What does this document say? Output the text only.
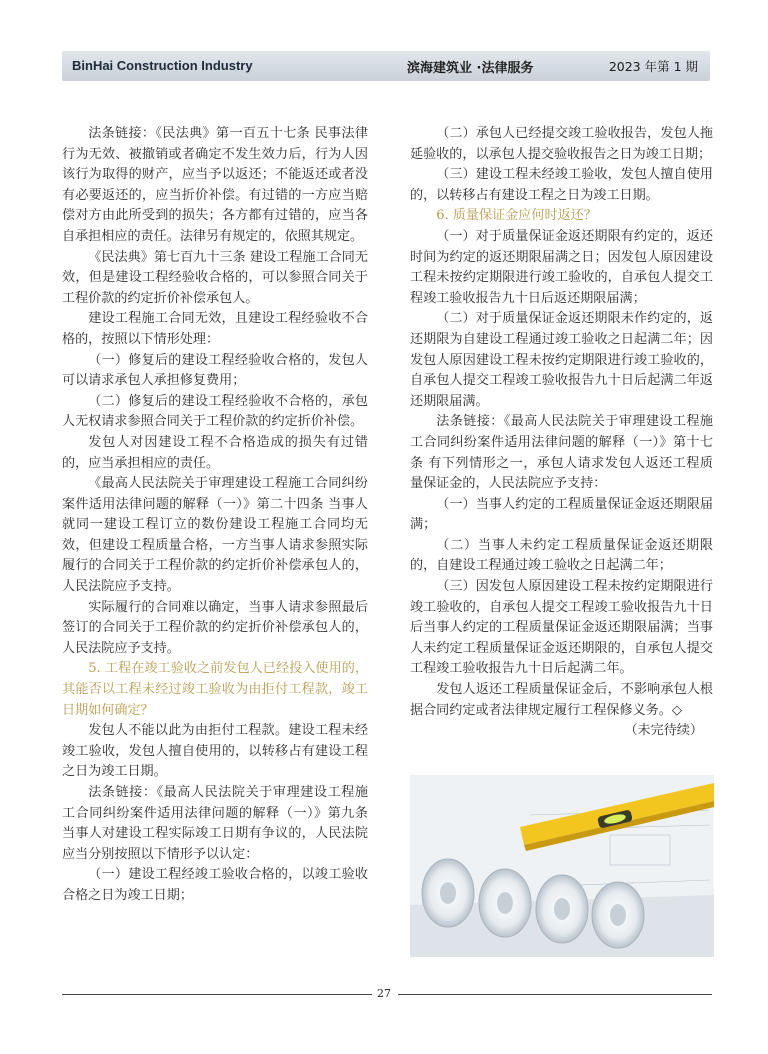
BinHai Construction Industry	滨海建筑业 ·法律服务	2023 年第 1 期

法条链接：《民法典》第一百五十七条 民事法律行为无效、被撤销或者确定不发生效力后，行为人因该行为取得的财产，应当予以返还；不能返还或者没有必要返还的，应当折价补偿。有过错的一方应当赔偿对方由此所受到的损失；各方都有过错的，应当各自承担相应的责任。法律另有规定的，依照其规定。

《民法典》第七百九十三条 建设工程施工合同无效，但是建设工程经验收合格的，可以参照合同关于工程价款的约定折价补偿承包人。

建设工程施工合同无效，且建设工程经验收不合格的，按照以下情形处理：

（一）修复后的建设工程经验收合格的，发包人可以请求承包人承担修复费用；

（二）修复后的建设工程经验收不合格的，承包人无权请求参照合同关于工程价款的约定折价补偿。

发包人对因建设工程不合格造成的损失有过错的，应当承担相应的责任。

《最高人民法院关于审理建设工程施工合同纠纷案件适用法律问题的解释（一）》第二十四条 当事人就同一建设工程订立的数份建设工程施工合同均无效，但建设工程质量合格，一方当事人请求参照实际履行的合同关于工程价款的约定折价补偿承包人的，人民法院应予支持。

实际履行的合同难以确定，当事人请求参照最后签订的合同关于工程价款的约定折价补偿承包人的，人民法院应予支持。

5. 工程在竣工验收之前发包人已经投入使用的，其能否以工程未经过竣工验收为由拒付工程款，竣工日期如何确定？

发包人不能以此为由拒付工程款。建设工程未经竣工验收，发包人擅自使用的，以转移占有建设工程之日为竣工日期。

法条链接：《最高人民法院关于审理建设工程施工合同纠纷案件适用法律问题的解释（一）》第九条 当事人对建设工程实际竣工日期有争议的，人民法院应当分别按照以下情形予以认定：

（一）建设工程经竣工验收合格的，以竣工验收合格之日为竣工日期；

（二）承包人已经提交竣工验收报告，发包人拖延验收的，以承包人提交验收报告之日为竣工日期；

（三）建设工程未经竣工验收，发包人擅自使用的，以转移占有建设工程之日为竣工日期。

6. 质量保证金应何时返还？

（一）对于质量保证金返还期限有约定的，返还时间为约定的返还期限届满之日；因发包人原因建设工程未按约定期限进行竣工验收的，自承包人提交工程竣工验收报告九十日后返还期限届满；

（二）对于质量保证金返还期限未作约定的，返还期限为自建设工程通过竣工验收之日起满二年；因发包人原因建设工程未按约定期限进行竣工验收的，自承包人提交工程竣工验收报告九十日后起满二年返还期限届满。

法条链接：《最高人民法院关于审理建设工程施工合同纠纷案件适用法律问题的解释（一）》第十七条 有下列情形之一，承包人请求发包人返还工程质量保证金的，人民法院应予支持：

（一）当事人约定的工程质量保证金返还期限届满；

（二）当事人未约定工程质量保证金返还期限的，自建设工程通过竣工验收之日起满二年；

（三）因发包人原因建设工程未按约定期限进行竣工验收的，自承包人提交工程竣工验收报告九十日后当事人约定的工程质量保证金返还期限届满；当事人未约定工程质量保证金返还期限的，自承包人提交工程竣工验收报告九十日后起满二年。

发包人返还工程质量保证金后，不影响承包人根据合同约定或者法律规定履行工程保修义务。◇

（未完待续）

27
